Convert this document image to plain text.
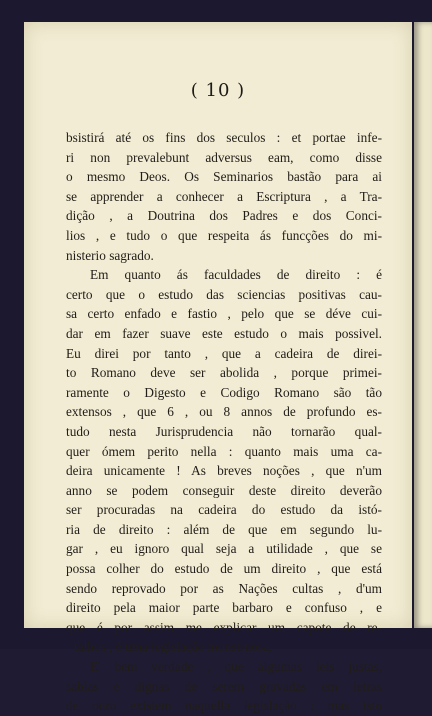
( 10 )
bsistirá até os fins dos seculos : et portae infe-
ri non prevalebunt adversus eam, como disse
o mesmo Deos. Os Seminarios bastão para ai
se apprender a conhecer a Escriptura , a Tra-
dição , a Doutrina dos Padres e dos Conci-
lios , e tudo o que respeita ás funcções do mi-
nisterio sagrado.
Em quanto ás faculdades de direito : é
certo que o estudo das sciencias positivas cau-
sa certo enfado e fastio , pelo que se déve cui-
dar em fazer suave este estudo o mais possivel.
Eu direi por tanto , que a cadeira de direi-
to Romano deve ser abolida , porque primei-
ramente o Digesto e Codigo Romano são tão
extensos , que 6 , ou 8 annos de profundo es-
tudo nesta Jurisprudencia não tornarão qual-
quer ómem perito nella : quanto mais uma ca-
deira unicamente ! As breves noções , que n'um
anno se podem conseguir deste direito deverão
ser procuradas na cadeira do estudo da istó-
ria de direito : além de que em segundo lu-
gar , eu ignoro qual seja a utilidade , que se
possa colher do estudo de um direito , que está
sendo reprovado por as Nações cultas , d'um
direito pela maior parte barbaro e confuso , e
que é por assim me explicar um capote de re-
talhos , é uma legislação monstruosa.
E' bem verdade , que algumas leis justas,
sabias e dignas de serem gravadas em letras
de ouro existem naquella legislação : mas isto
